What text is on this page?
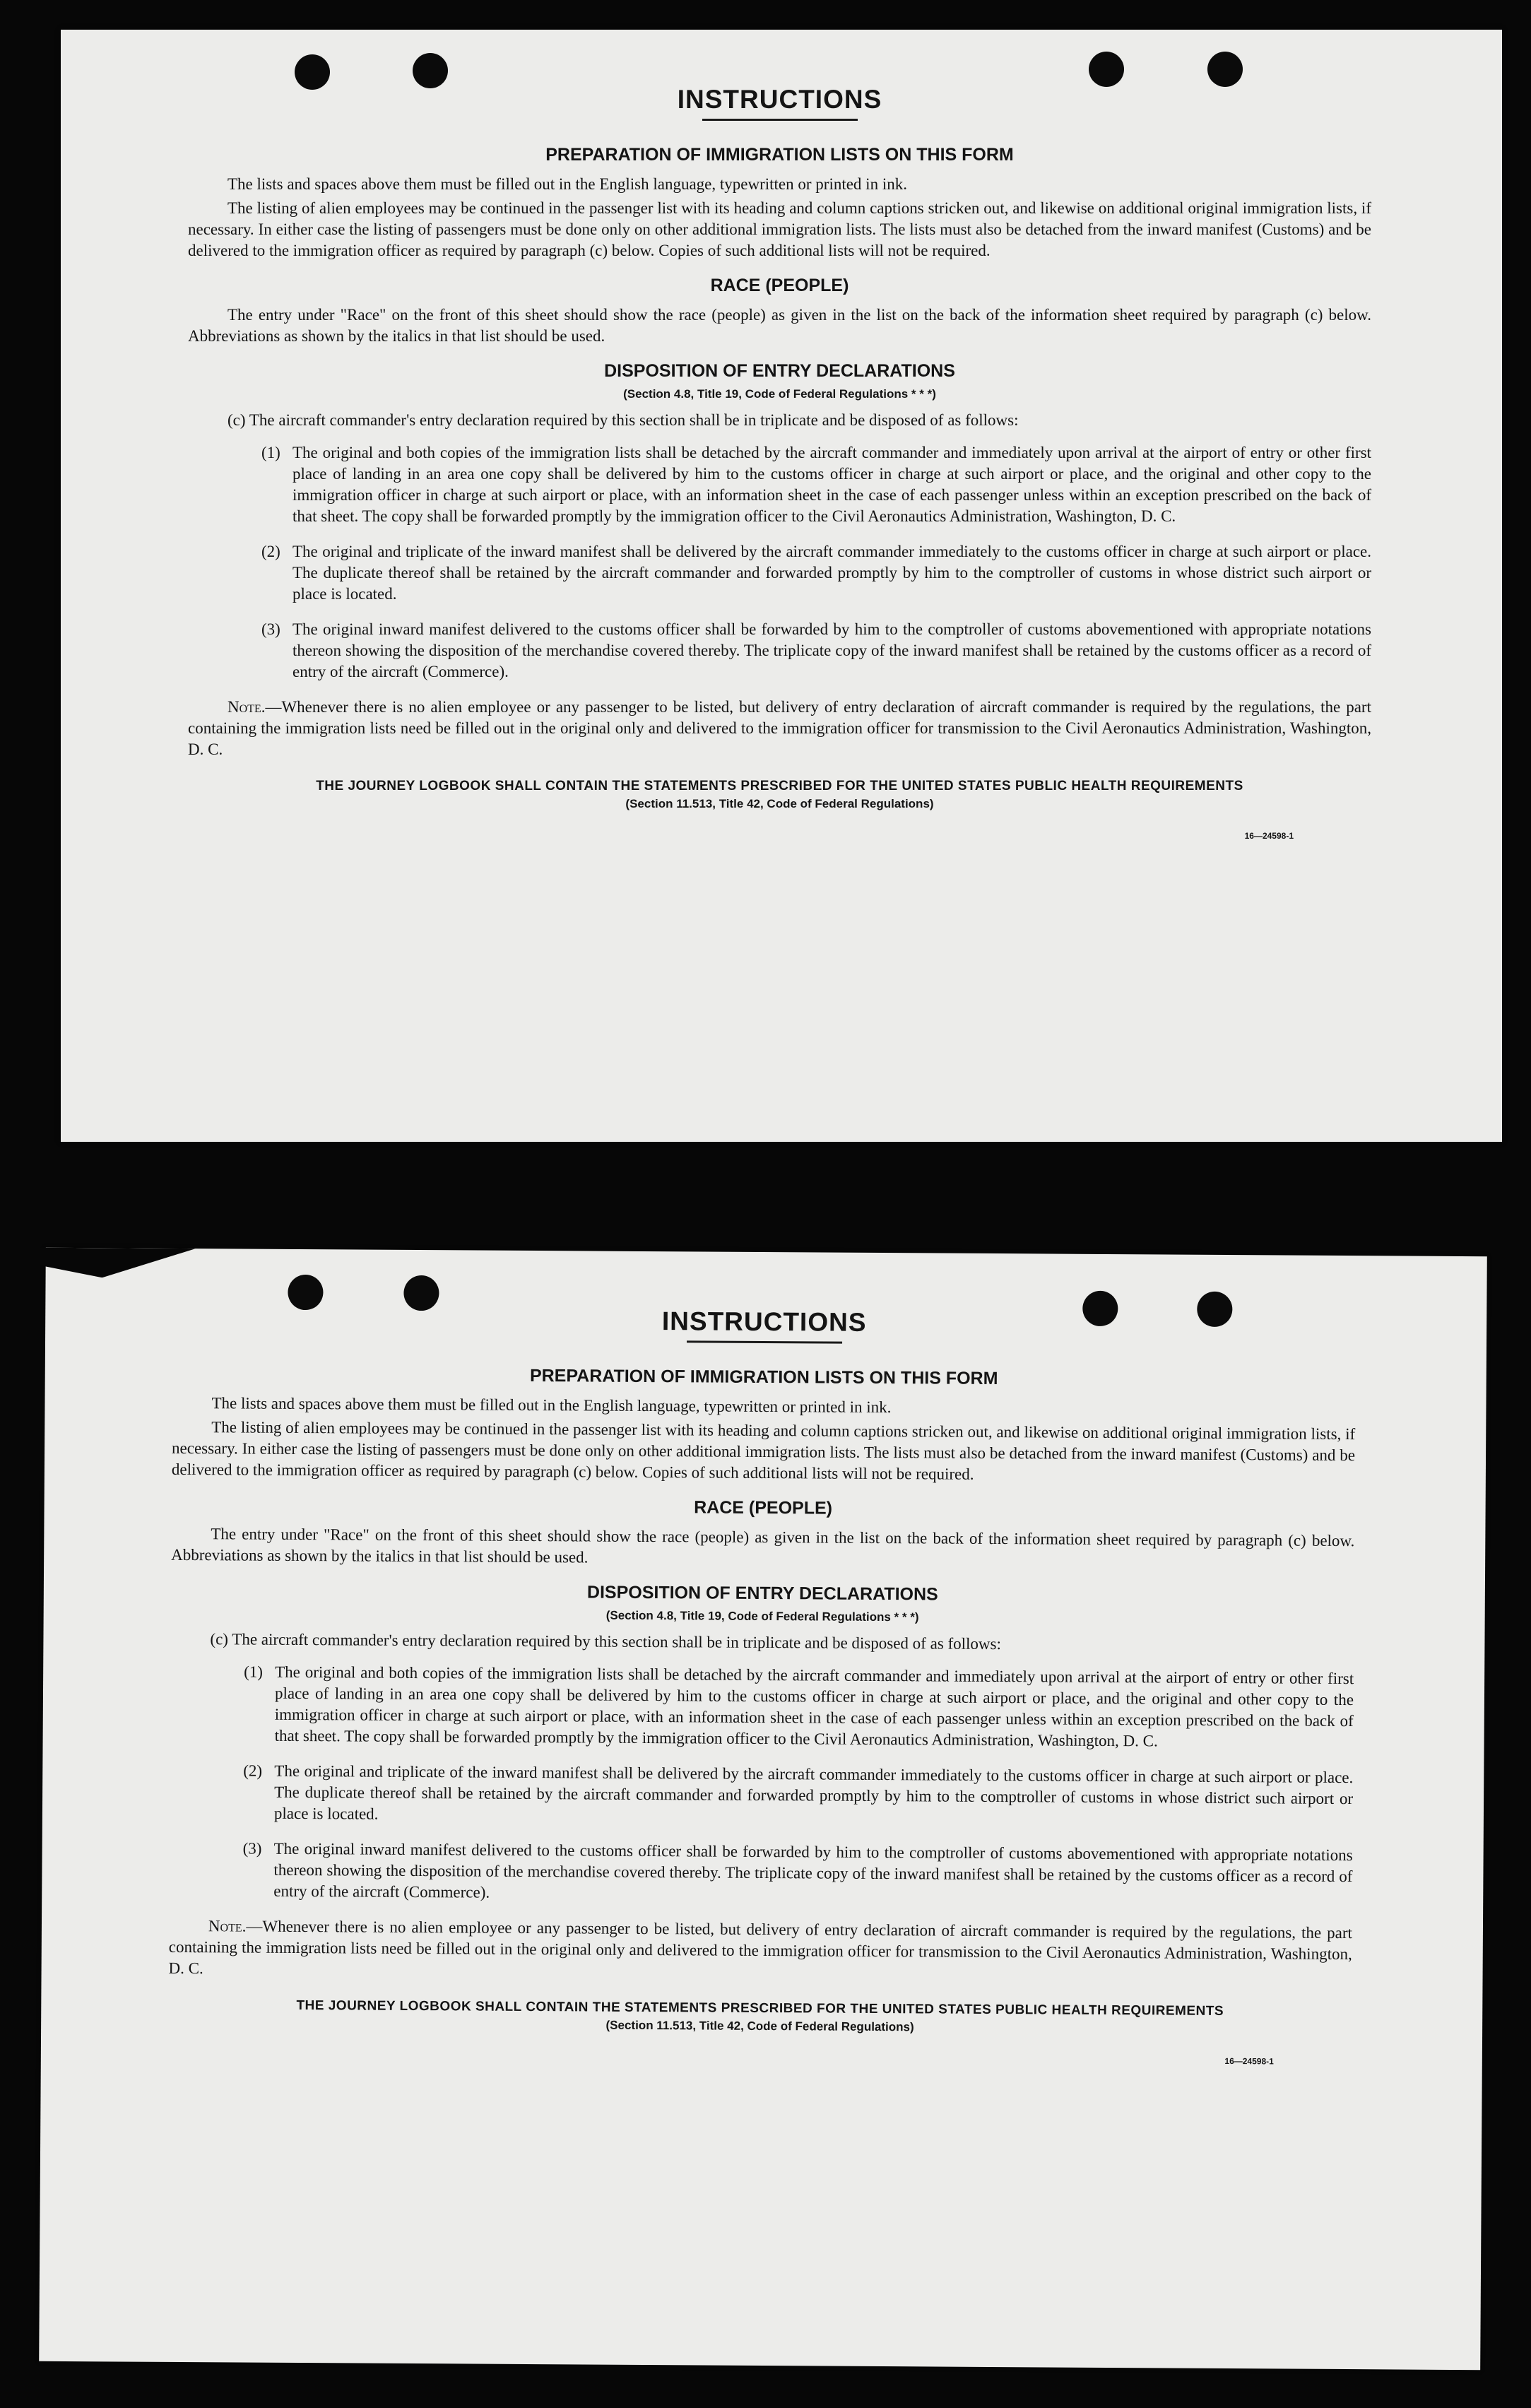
INSTRUCTIONS
PREPARATION OF IMMIGRATION LISTS ON THIS FORM

The lists and spaces above them must be filled out in the English language, typewritten or printed in ink.

The listing of alien employees may be continued in the passenger list with its heading and column captions stricken out, and likewise on additional original immigration lists, if necessary. In either case the listing of passengers must be done only on other additional immigration lists. The lists must also be detached from the inward manifest (Customs) and be delivered to the immigration officer as required by paragraph (c) below. Copies of such additional lists will not be required.

RACE (PEOPLE)

The entry under "Race" on the front of this sheet should show the race (people) as given in the list on the back of the information sheet required by paragraph (c) below. Abbreviations as shown by the italics in that list should be used.

DISPOSITION OF ENTRY DECLARATIONS
(Section 4.8, Title 19, Code of Federal Regulations * * *)
(c) The aircraft commander's entry declaration required by this section shall be in triplicate and be disposed of as follows:
(1) The original and both copies of the immigration lists shall be detached by the aircraft commander and immediately upon arrival at the airport of entry or other first place of landing in an area one copy shall be delivered by him to the customs officer in charge at such airport or place, and the original and other copy to the immigration officer in charge at such airport or place, with an information sheet in the case of each passenger unless within an exception prescribed on the back of that sheet. The copy shall be forwarded promptly by the immigration officer to the Civil Aeronautics Administration, Washington, D. C.
(2) The original and triplicate of the inward manifest shall be delivered by the aircraft commander immediately to the customs officer in charge at such airport or place. The duplicate thereof shall be retained by the aircraft commander and forwarded promptly by him to the comptroller of customs in whose district such airport or place is located.
(3) The original inward manifest delivered to the customs officer shall be forwarded by him to the comptroller of customs abovementioned with appropriate notations thereon showing the disposition of the merchandise covered thereby. The triplicate copy of the inward manifest shall be retained by the customs officer as a record of entry of the aircraft (Commerce).

Note.—Whenever there is no alien employee or any passenger to be listed, but delivery of entry declaration of aircraft commander is required by the regulations, the part containing the immigration lists need be filled out in the original only and delivered to the immigration officer for transmission to the Civil Aeronautics Administration, Washington, D. C.

THE JOURNEY LOGBOOK SHALL CONTAIN THE STATEMENTS PRESCRIBED FOR THE UNITED STATES PUBLIC HEALTH REQUIREMENTS
(Section 11.513, Title 42, Code of Federal Regulations)
16—24598-1
INSTRUCTIONS
PREPARATION OF IMMIGRATION LISTS ON THIS FORM

The lists and spaces above them must be filled out in the English language, typewritten or printed in ink.

The listing of alien employees may be continued in the passenger list with its heading and column captions stricken out, and likewise on additional original immigration lists, if necessary. In either case the listing of passengers must be done only on other additional immigration lists. The lists must also be detached from the inward manifest (Customs) and be delivered to the immigration officer as required by paragraph (c) below. Copies of such additional lists will not be required.

RACE (PEOPLE)

The entry under "Race" on the front of this sheet should show the race (people) as given in the list on the back of the information sheet required by paragraph (c) below. Abbreviations as shown by the italics in that list should be used.

DISPOSITION OF ENTRY DECLARATIONS
(Section 4.8, Title 19, Code of Federal Regulations * * *)
(c) The aircraft commander's entry declaration required by this section shall be in triplicate and be disposed of as follows:
(1) The original and both copies of the immigration lists shall be detached by the aircraft commander and immediately upon arrival at the airport of entry or other first place of landing in an area one copy shall be delivered by him to the customs officer in charge at such airport or place, and the original and other copy to the immigration officer in charge at such airport or place, with an information sheet in the case of each passenger unless within an exception prescribed on the back of that sheet. The copy shall be forwarded promptly by the immigration officer to the Civil Aeronautics Administration, Washington, D. C.
(2) The original and triplicate of the inward manifest shall be delivered by the aircraft commander immediately to the customs officer in charge at such airport or place. The duplicate thereof shall be retained by the aircraft commander and forwarded promptly by him to the comptroller of customs in whose district such airport or place is located.
(3) The original inward manifest delivered to the customs officer shall be forwarded by him to the comptroller of customs abovementioned with appropriate notations thereon showing the disposition of the merchandise covered thereby. The triplicate copy of the inward manifest shall be retained by the customs officer as a record of entry of the aircraft (Commerce).

Note.—Whenever there is no alien employee or any passenger to be listed, but delivery of entry declaration of aircraft commander is required by the regulations, the part containing the immigration lists need be filled out in the original only and delivered to the immigration officer for transmission to the Civil Aeronautics Administration, Washington, D. C.

THE JOURNEY LOGBOOK SHALL CONTAIN THE STATEMENTS PRESCRIBED FOR THE UNITED STATES PUBLIC HEALTH REQUIREMENTS
(Section 11.513, Title 42, Code of Federal Regulations)
16—24598-1
